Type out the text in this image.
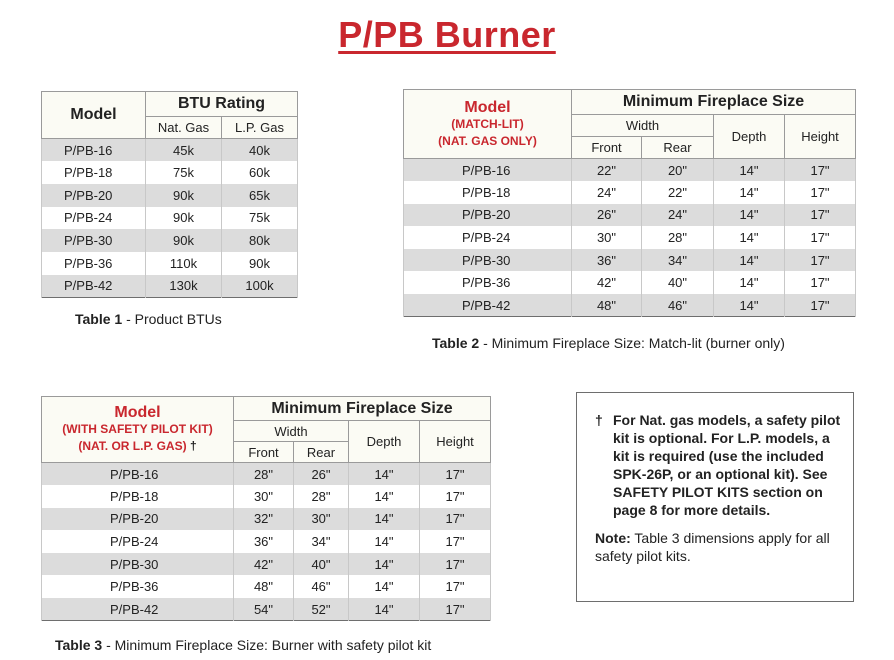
P/PB Burner
Model	BTU Rating	
	Nat. Gas	L.P. Gas
P/PB-16	45k	40k
P/PB-18	75k	60k
P/PB-20	90k	65k
P/PB-24	90k	75k
P/PB-30	90k	80k
P/PB-36	110k	90k
P/PB-42	130k	100k
Table 1 - Product BTUs
Model
(MATCH-LIT)
(NAT. GAS ONLY)	Minimum Fireplace Size			
	Width		Depth	Height
	Front	Rear		
P/PB-16	22"	20"	14"	17"
P/PB-18	24"	22"	14"	17"
P/PB-20	26"	24"	14"	17"
P/PB-24	30"	28"	14"	17"
P/PB-30	36"	34"	14"	17"
P/PB-36	42"	40"	14"	17"
P/PB-42	48"	46"	14"	17"
Table 2 - Minimum Fireplace Size: Match-lit (burner only)
Model
(WITH SAFETY PILOT KIT)
(NAT. OR L.P. GAS) †	Minimum Fireplace Size			
	Width		Depth	Height
	Front	Rear		
P/PB-16	28"	26"	14"	17"
P/PB-18	30"	28"	14"	17"
P/PB-20	32"	30"	14"	17"
P/PB-24	36"	34"	14"	17"
P/PB-30	42"	40"	14"	17"
P/PB-36	48"	46"	14"	17"
P/PB-42	54"	52"	14"	17"
Table 3 - Minimum Fireplace Size: Burner with safety pilot kit
† For Nat. gas models, a safety pilot kit is optional. For L.P. models, a kit is required (use the included SPK-26P, or an optional kit). See SAFETY PILOT KITS section on page 8 for more details.
Note: Table 3 dimensions apply for all safety pilot kits.
